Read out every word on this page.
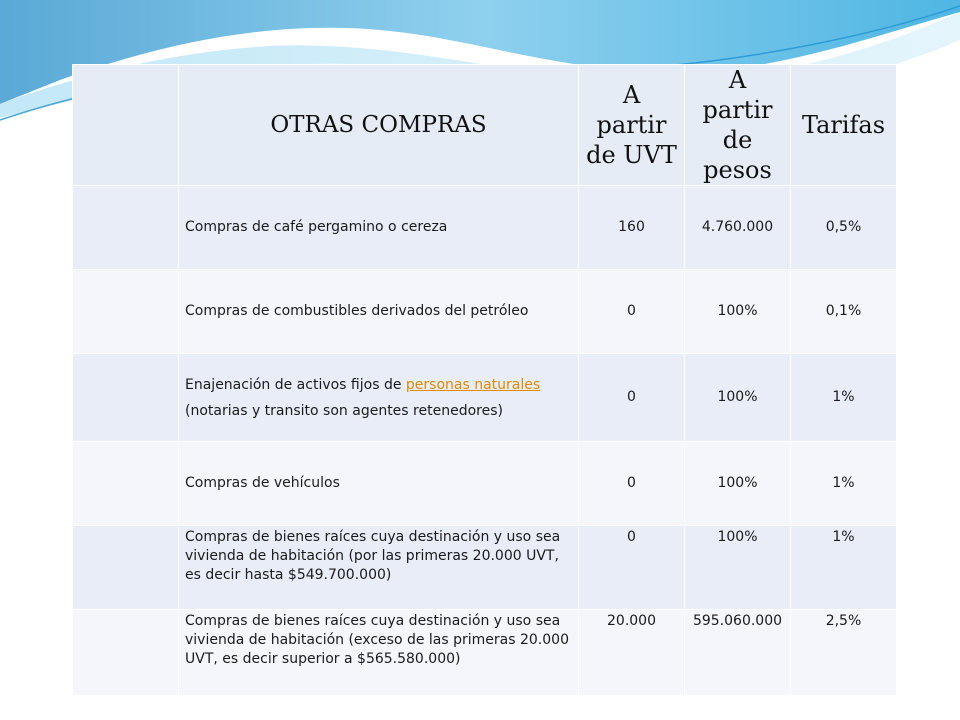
	OTRAS COMPRAS	A partir de UVT	A partir de pesos	Tarifas
	Compras de café pergamino o cereza	160	4.760.000	0,5%
	Compras de combustibles derivados del petróleo	0	100%	0,1%
	Enajenación de activos fijos de personas naturales (notarias y transito son agentes retenedores)	0	100%	1%
	Compras de vehículos	0	100%	1%
	Compras de bienes raíces cuya destinación y uso sea vivienda de habitación (por las primeras 20.000 UVT, es decir hasta $549.700.000)	0	100%	1%
	Compras de bienes raíces cuya destinación y uso sea vivienda de habitación (exceso de las primeras 20.000 UVT, es decir superior a $565.580.000)	20.000	595.060.000	2,5%
